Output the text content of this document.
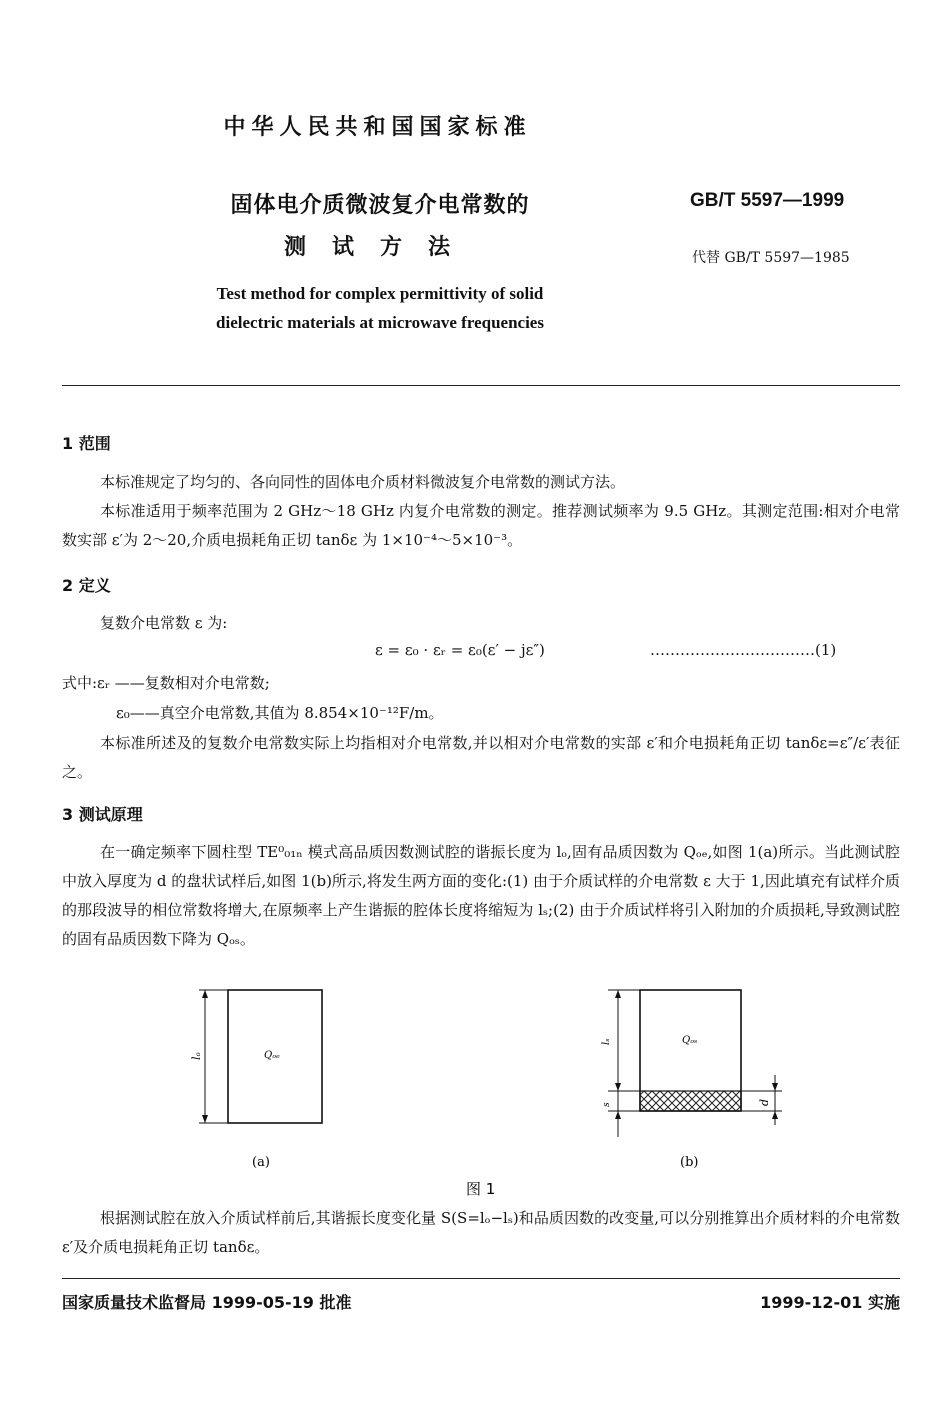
中华人民共和国国家标准
固体电介质微波复介电常数的
测试方法
GB/T 5597—1999
代替 GB/T 5597—1985
Test method for complex permittivity of solid
dielectric materials at microwave frequencies
1 范围
本标准规定了均匀的、各向同性的固体电介质材料微波复介电常数的测试方法。
本标准适用于频率范围为 2 GHz～18 GHz 内复介电常数的测定。推荐测试频率为 9.5 GHz。其测定范围:相对介电常数实部 ε′为 2～20,介质电损耗角正切 tanδε 为 1×10⁻⁴～5×10⁻³。
2 定义
复数介电常数 ε 为:
ε = ε₀ · εᵣ = ε₀(ε′ − jε″)	……………………………(1)
式中:εᵣ ——复数相对介电常数;
ε₀——真空介电常数,其值为 8.854×10⁻¹²F/m。
本标准所述及的复数介电常数实际上均指相对介电常数,并以相对介电常数的实部 ε′和介电损耗角正切 tanδε=ε″/ε′表征之。
3 测试原理
在一确定频率下圆柱型 TE⁰₀₁ₙ 模式高品质因数测试腔的谐振长度为 lₒ,固有品质因数为 Qₒₑ,如图 1(a)所示。当此测试腔中放入厚度为 d 的盘状试样后,如图 1(b)所示,将发生两方面的变化:(1) 由于介质试样的介电常数 ε 大于 1,因此填充有试样介质的那段波导的相位常数将增大,在原频率上产生谐振的腔体长度将缩短为 lₛ;(2) 由于介质试样将引入附加的介质损耗,导致测试腔的固有品质因数下降为 Qₒₛ。
lₒ	Qₒₑ
(a)
lₛ
s
Qₒₛ
d
(b)
图 1
根据测试腔在放入介质试样前后,其谐振长度变化量 S(S=lₒ−lₛ)和品质因数的改变量,可以分别推算出介质材料的介电常数 ε′及介质电损耗角正切 tanδε。
国家质量技术监督局 1999-05-19 批准	1999-12-01 实施
